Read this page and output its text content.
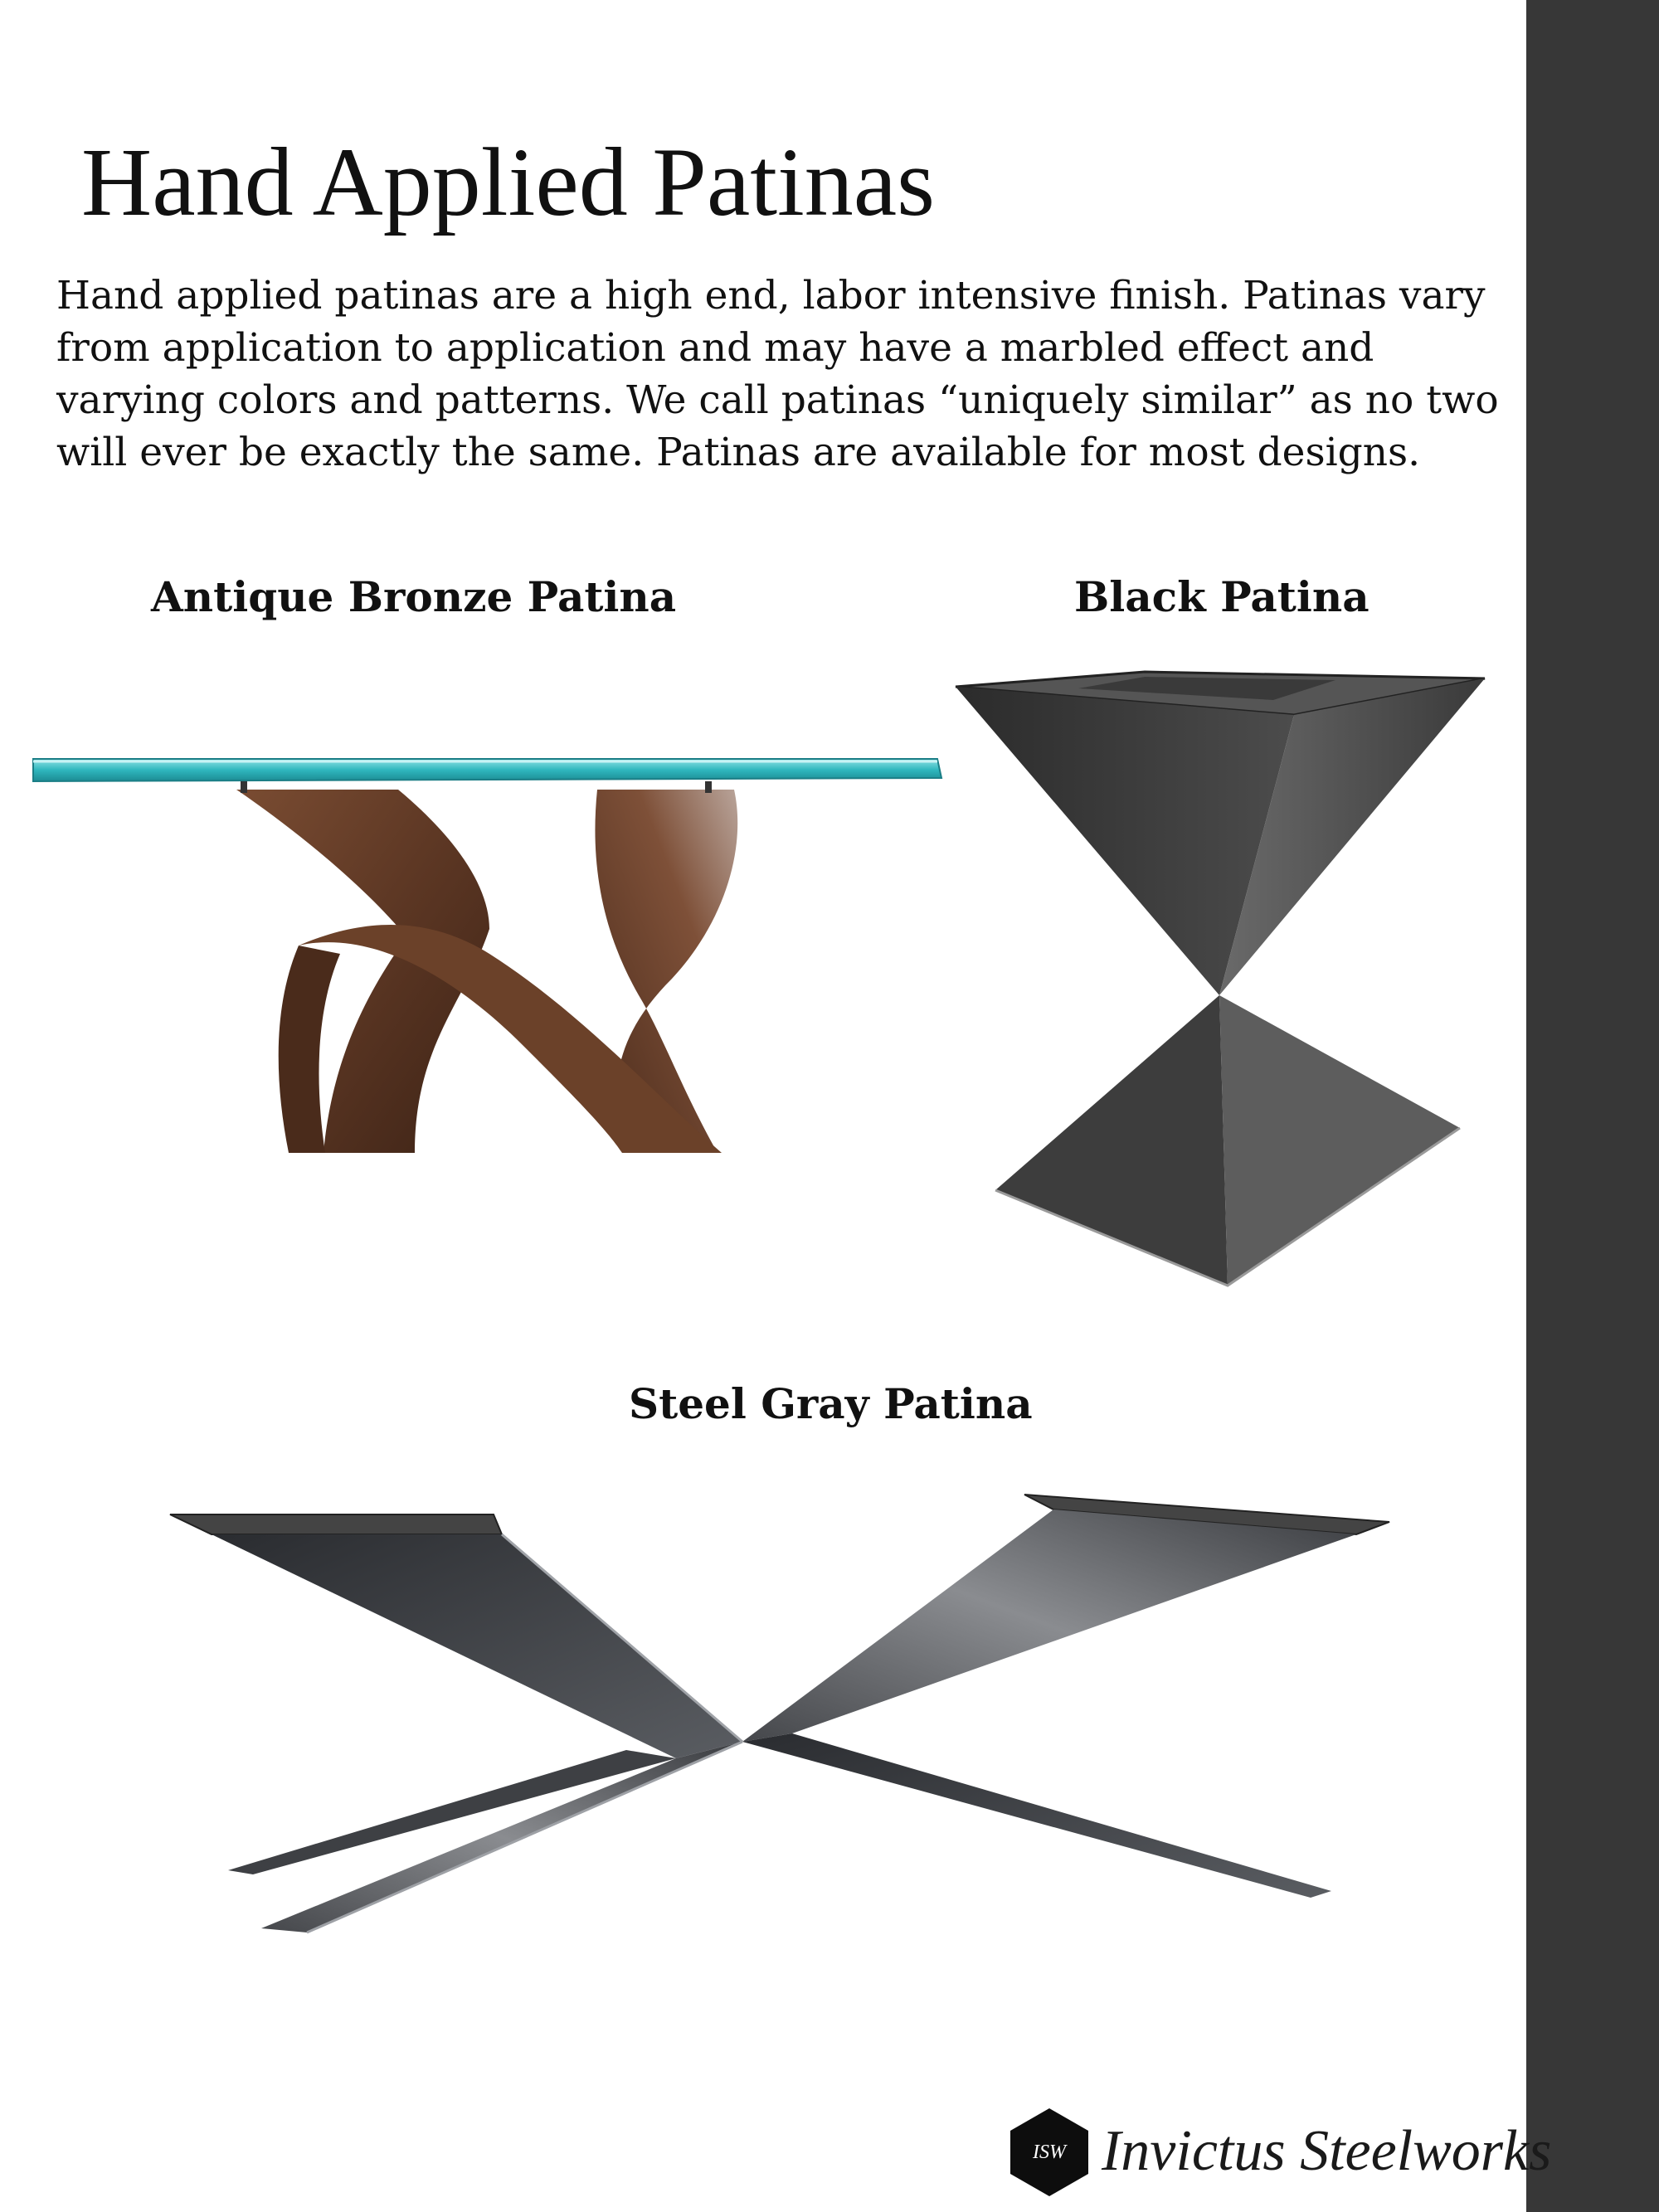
Hand Applied Patinas

Hand applied patinas are a high end, labor intensive finish. Patinas vary from application to application and may have a marbled effect and varying colors and patterns. We call patinas “uniquely similar” as no two will ever be exactly the same. Patinas are available for most designs.

Antique Bronze Patina	Black Patina
Steel Gray Patina
ISW Invictus Steelworks
